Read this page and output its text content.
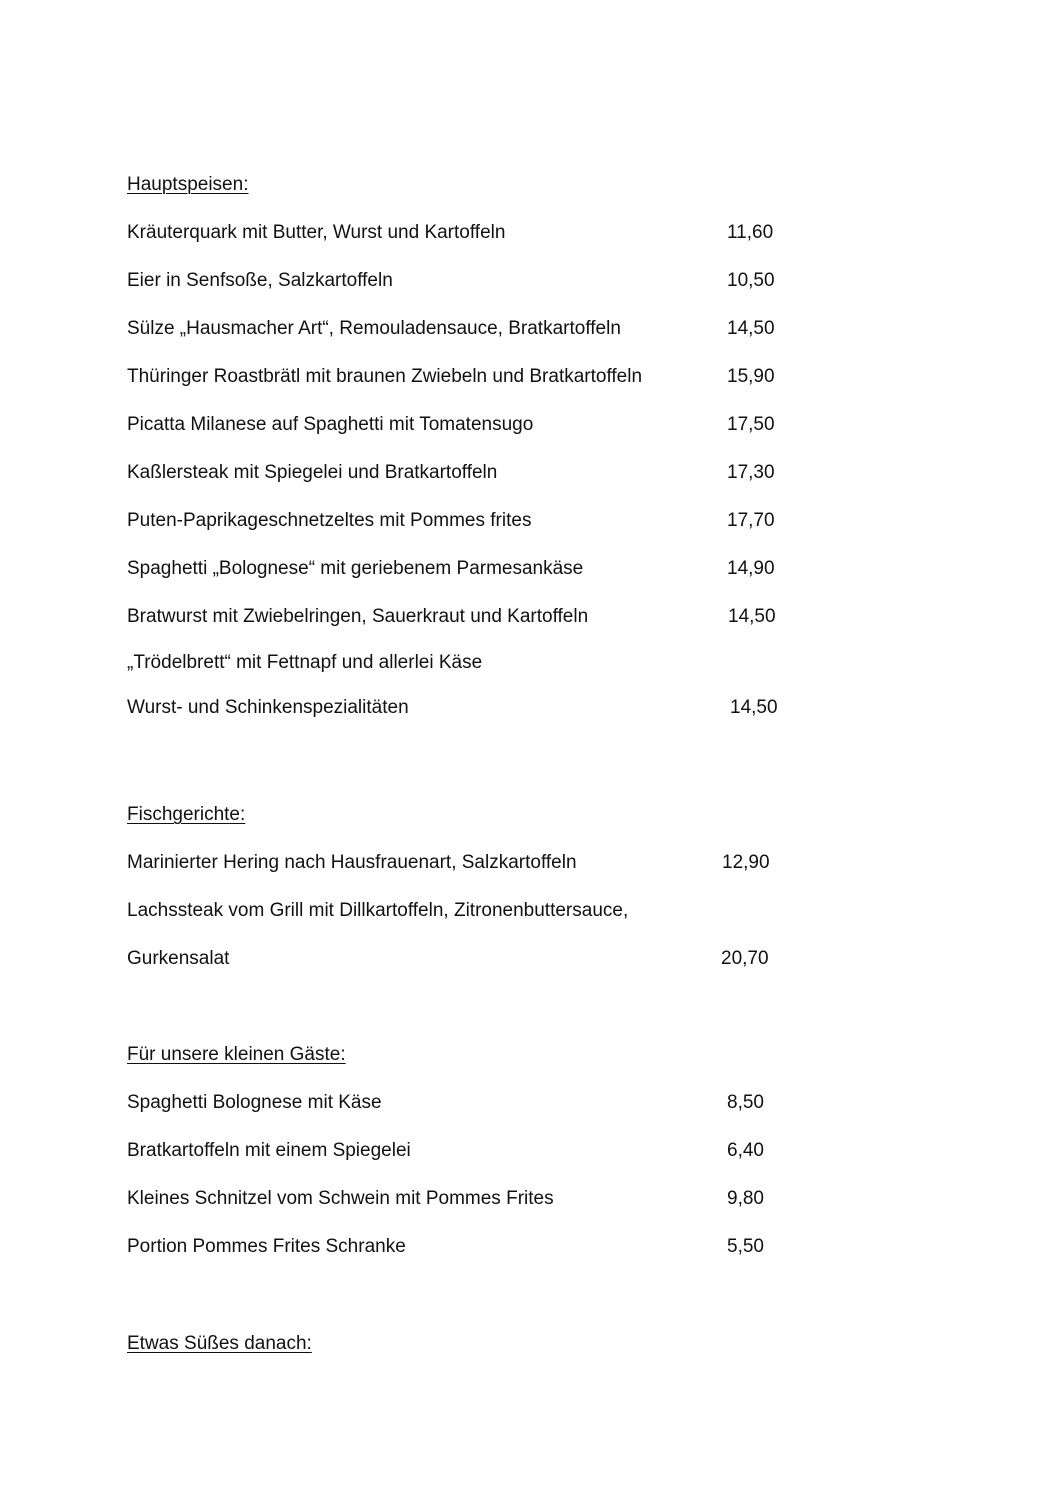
Hauptspeisen:
Kräuterquark mit Butter, Wurst und Kartoffeln	11,60
Eier in Senfsoße, Salzkartoffeln	10,50
Sülze „Hausmacher Art“, Remouladensauce, Bratkartoffeln	14,50
Thüringer Roastbrätl mit braunen Zwiebeln und Bratkartoffeln	15,90
Picatta Milanese auf Spaghetti mit Tomatensugo	17,50
Kaßlersteak mit Spiegelei und Bratkartoffeln	17,30
Puten-Paprikageschnetzeltes mit Pommes frites	17,70
Spaghetti „Bolognese“ mit geriebenem Parmesankäse	14,90
Bratwurst mit Zwiebelringen, Sauerkraut und Kartoffeln	14,50
„Trödelbrett“ mit Fettnapf und allerlei Käse
Wurst- und Schinkenspezialitäten	14,50
Fischgerichte:
Marinierter Hering nach Hausfrauenart, Salzkartoffeln	12,90
Lachssteak vom Grill mit Dillkartoffeln, Zitronenbuttersauce,
Gurkensalat	20,70
Für unsere kleinen Gäste:
Spaghetti Bolognese mit Käse	8,50
Bratkartoffeln mit einem Spiegelei	6,40
Kleines Schnitzel vom Schwein mit Pommes Frites	9,80
Portion Pommes Frites Schranke	5,50
Etwas Süßes danach:
